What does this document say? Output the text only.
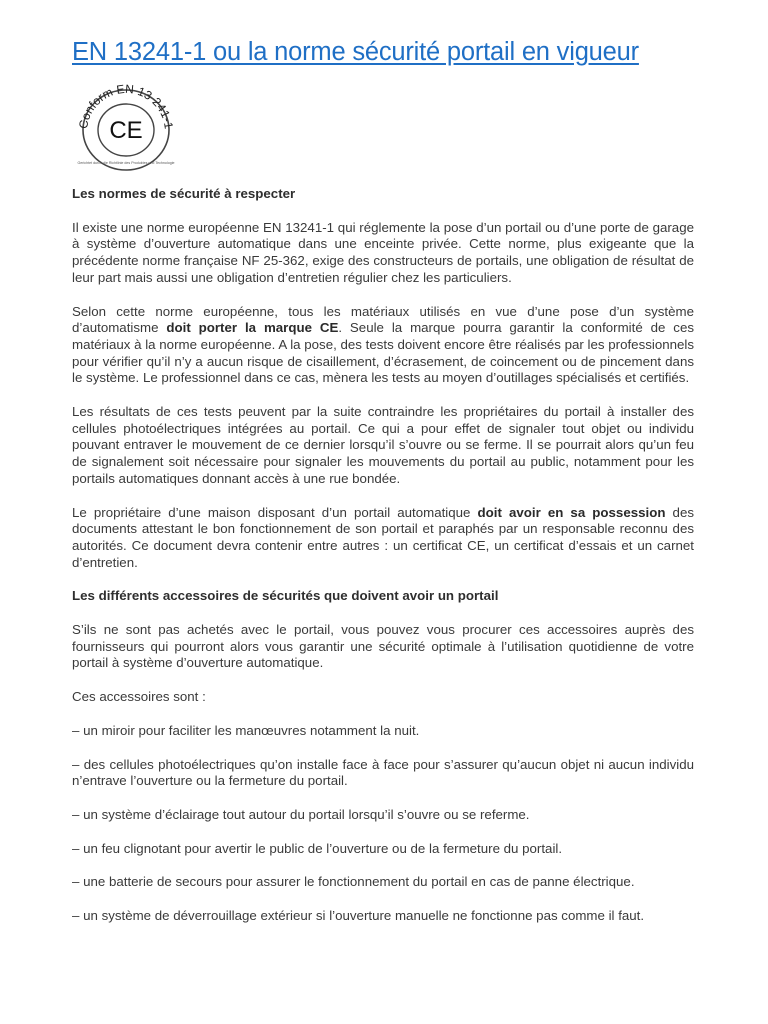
EN 13241-1 ou la norme sécurité portail en vigueur
Conform EN 13 241-1
CE
Gerichtet durch die Richtlinie des Produktes und Technologie
Les normes de sécurité à respecter

Il existe une norme européenne EN 13241-1 qui réglemente la pose d’un portail ou d’une porte de garage à système d’ouverture automatique dans une enceinte privée. Cette norme, plus exigeante que la précédente norme française NF 25-362, exige des constructeurs de portails, une obligation de résultat de leur part mais aussi une obligation d’entretien régulier chez les particuliers.

Selon cette norme européenne, tous les matériaux utilisés en vue d’une pose d’un système d’automatisme doit porter la marque CE. Seule la marque pourra garantir la conformité de ces matériaux à la norme européenne. A la pose, des tests doivent encore être réalisés par les professionnels pour vérifier qu’il n’y a aucun risque de cisaillement, d’écrasement, de coincement ou de pincement dans le système. Le professionnel dans ce cas, mènera les tests au moyen d’outillages spécialisés et certifiés.

Les résultats de ces tests peuvent par la suite contraindre les propriétaires du portail à installer des cellules photoélectriques intégrées au portail. Ce qui a pour effet de signaler tout objet ou individu pouvant entraver le mouvement de ce dernier lorsqu’il s’ouvre ou se ferme. Il se pourrait alors qu’un feu de signalement soit nécessaire pour signaler les mouvements du portail au public, notamment pour les portails automatiques donnant accès à une rue bondée.

Le propriétaire d’une maison disposant d’un portail automatique doit avoir en sa possession des documents attestant le bon fonctionnement de son portail et paraphés par un responsable reconnu des autorités. Ce document devra contenir entre autres : un certificat CE, un certificat d’essais et un carnet d’entretien.

Les différents accessoires de sécurités que doivent avoir un portail

S’ils ne sont pas achetés avec le portail, vous pouvez vous procurer ces accessoires auprès des fournisseurs qui pourront alors vous garantir une sécurité optimale à l’utilisation quotidienne de votre portail à système d’ouverture automatique.

Ces accessoires sont :

– un miroir pour faciliter les manœuvres notamment la nuit.

– des cellules photoélectriques qu’on installe face à face pour s’assurer qu’aucun objet ni aucun individu n’entrave l’ouverture ou la fermeture du portail.

– un système d’éclairage tout autour du portail lorsqu’il s’ouvre ou se referme.

– un feu clignotant pour avertir le public de l’ouverture ou de la fermeture du portail.

– une batterie de secours pour assurer le fonctionnement du portail en cas de panne électrique.

– un système de déverrouillage extérieur si l’ouverture manuelle ne fonctionne pas comme il faut.
